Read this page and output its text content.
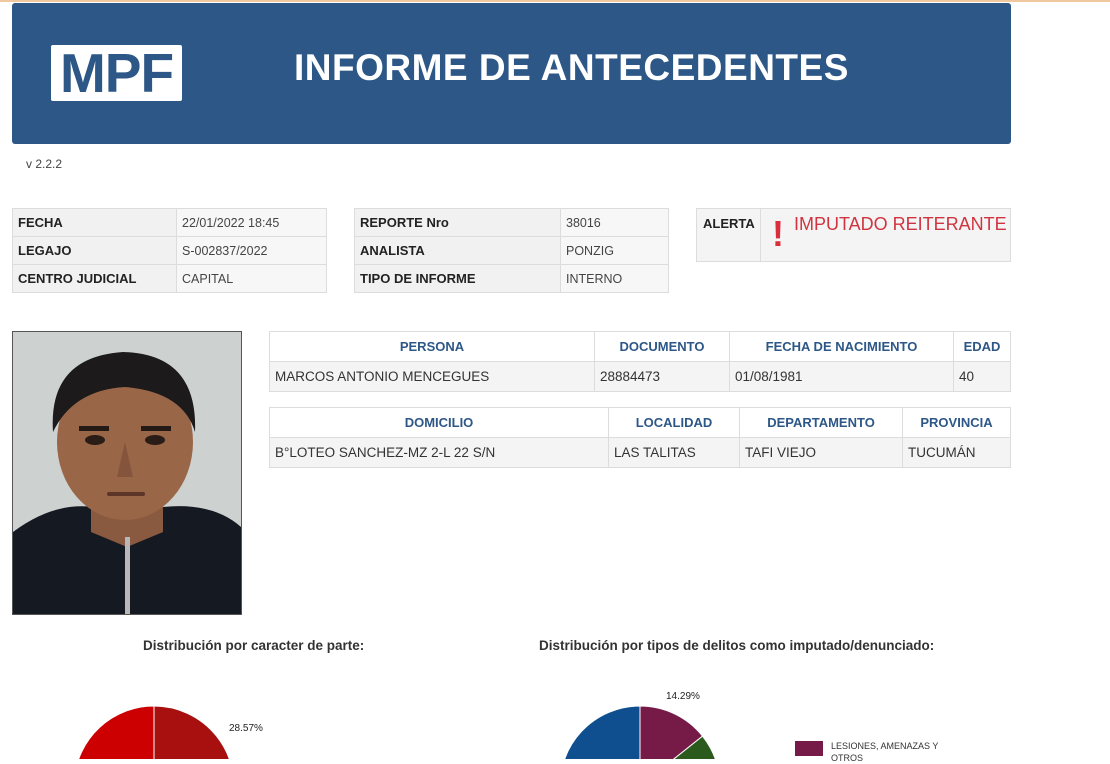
MPF	INFORME DE ANTECEDENTES
v 2.2.2
FECHA	22/01/2022 18:45
LEGAJO	S-002837/2022
CENTRO JUDICIAL	CAPITAL
REPORTE Nro	38016
ANALISTA	PONZIG
TIPO DE INFORME	INTERNO
ALERTA ! IMPUTADO REITERANTE
PERSONA	DOCUMENTO	FECHA DE NACIMIENTO	EDAD
MARCOS ANTONIO MENCEGUES	28884473	01/08/1981	40
DOMICILIO	LOCALIDAD	DEPARTAMENTO	PROVINCIA
B°LOTEO SANCHEZ-MZ 2-L 22 S/N	LAS TALITAS	TAFI VIEJO	TUCUMÁN
Distribución por caracter de parte:	Distribución por tipos de delitos como imputado/denunciado:
28.57%
14.29%
LESIONES, AMENAZAS Y OTROS
